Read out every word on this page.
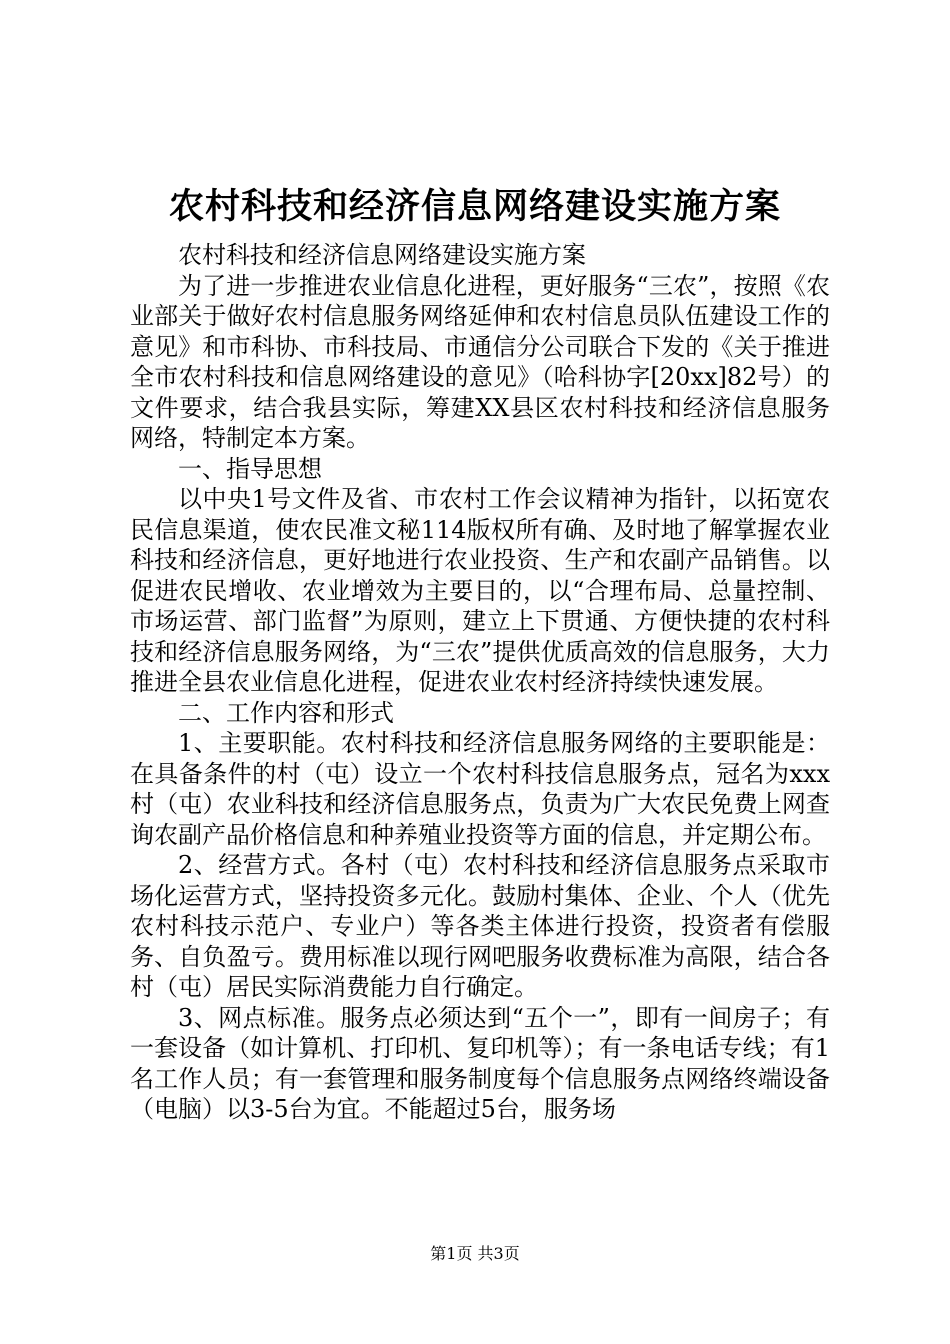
农村科技和经济信息网络建设实施方案

农村科技和经济信息网络建设实施方案

为了进一步推进农业信息化进程，更好服务“三农”，按照《农业部关于做好农村信息服务网络延伸和农村信息员队伍建设工作的意见》和市科协、市科技局、市通信分公司联合下发的《关于推进全市农村科技和信息网络建设的意见》（哈科协字[20xx]82号）的文件要求，结合我县实际，筹建XX县区农村科技和经济信息服务网络，特制定本方案。

一、指导思想

以中央1号文件及省、市农村工作会议精神为指针，以拓宽农民信息渠道，使农民准文秘114版权所有确、及时地了解掌握农业科技和经济信息，更好地进行农业投资、生产和农副产品销售。以促进农民增收、农业增效为主要目的，以“合理布局、总量控制、市场运营、部门监督”为原则，建立上下贯通、方便快捷的农村科技和经济信息服务网络，为“三农”提供优质高效的信息服务，大力推进全县农业信息化进程，促进农业农村经济持续快速发展。

二、工作内容和形式

1、主要职能。农村科技和经济信息服务网络的主要职能是：在具备条件的村（屯）设立一个农村科技信息服务点，冠名为xxx村（屯）农业科技和经济信息服务点，负责为广大农民免费上网查询农副产品价格信息和种养殖业投资等方面的信息，并定期公布。

2、经营方式。各村（屯）农村科技和经济信息服务点采取市场化运营方式，坚持投资多元化。鼓励村集体、企业、个人（优先农村科技示范户、专业户）等各类主体进行投资，投资者有偿服务、自负盈亏。费用标准以现行网吧服务收费标准为高限，结合各村（屯）居民实际消费能力自行确定。

3、网点标准。服务点必须达到“五个一”，即有一间房子；有一套设备（如计算机、打印机、复印机等）；有一条电话专线；有1名工作人员；有一套管理和服务制度每个信息服务点网络终端设备（电脑）以3-5台为宜。不能超过5台，服务场

第1页 共3页
